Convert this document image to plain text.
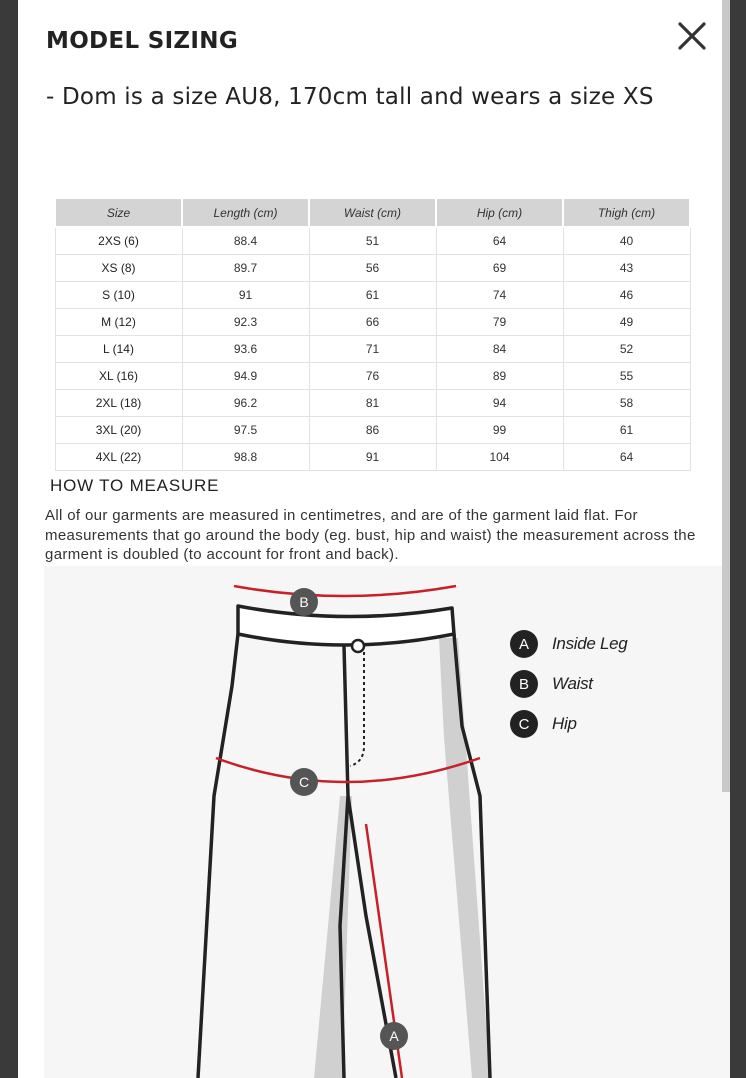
MODEL SIZING
- Dom is a size AU8, 170cm tall and wears a size XS
Size	Length (cm)	Waist (cm)	Hip (cm)	Thigh (cm)
2XS (6)	88.4	51	64	40
XS (8)	89.7	56	69	43
S (10)	91	61	74	46
M (12)	92.3	66	79	49
L (14)	93.6	71	84	52
XL (16)	94.9	76	89	55
2XL (18)	96.2	81	94	58
3XL (20)	97.5	86	99	61
4XL (22)	98.8	91	104	64
HOW TO MEASURE
All of our garments are measured in centimetres, and are of the garment laid flat. For measurements that go around the body (eg. bust, hip and waist) the measurement across the garment is doubled (to account for front and back).
B
C
A
A	Inside Leg
B	Waist
C	Hip
